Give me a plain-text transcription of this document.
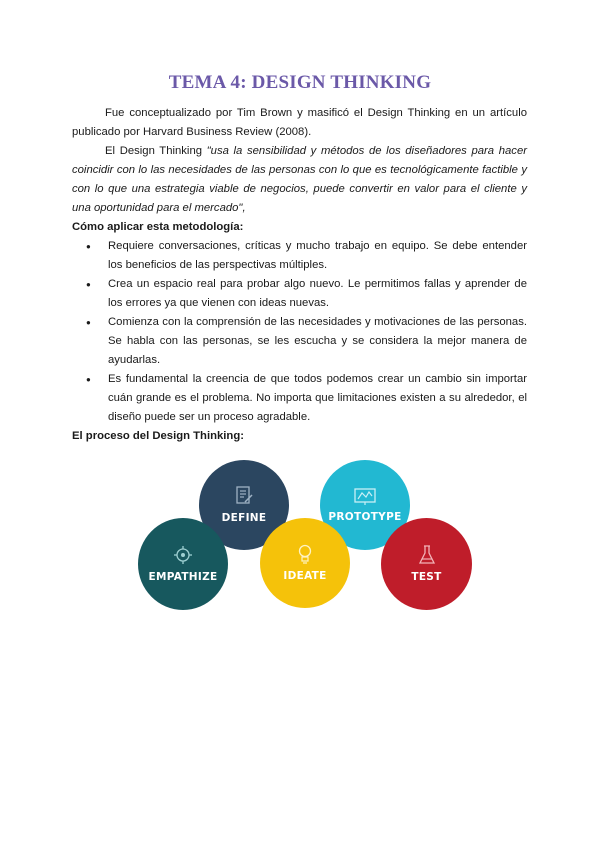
TEMA 4: DESIGN THINKING

Fue conceptualizado por Tim Brown y masificó el Design Thinking en un artículo publicado por Harvard Business Review (2008).

El Design Thinking "usa la sensibilidad y métodos de los diseñadores para hacer coincidir con lo las necesidades de las personas con lo que es tecnológicamente factible y con lo que una estrategia viable de negocios, puede convertir en valor para el cliente y una oportunidad para el mercado",

Cómo aplicar esta metodología:

● Requiere conversaciones, críticas y mucho trabajo en equipo. Se debe entender los beneficios de las perspectivas múltiples.
● Crea un espacio real para probar algo nuevo. Le permitimos fallas y aprender de los errores ya que vienen con ideas nuevas.
● Comienza con la comprensión de las necesidades y motivaciones de las personas. Se habla con las personas, se les escucha y se considera la mejor manera de ayudarlas.
● Es fundamental la creencia de que todos podemos crear un cambio sin importar cuán grande es el problema. No importa que limitaciones existen a su alrededor, el diseño puede ser un proceso agradable.

El proceso del Design Thinking:

DEFINE	PROTOTYPE
EMPATHIZE	IDEATE	TEST
